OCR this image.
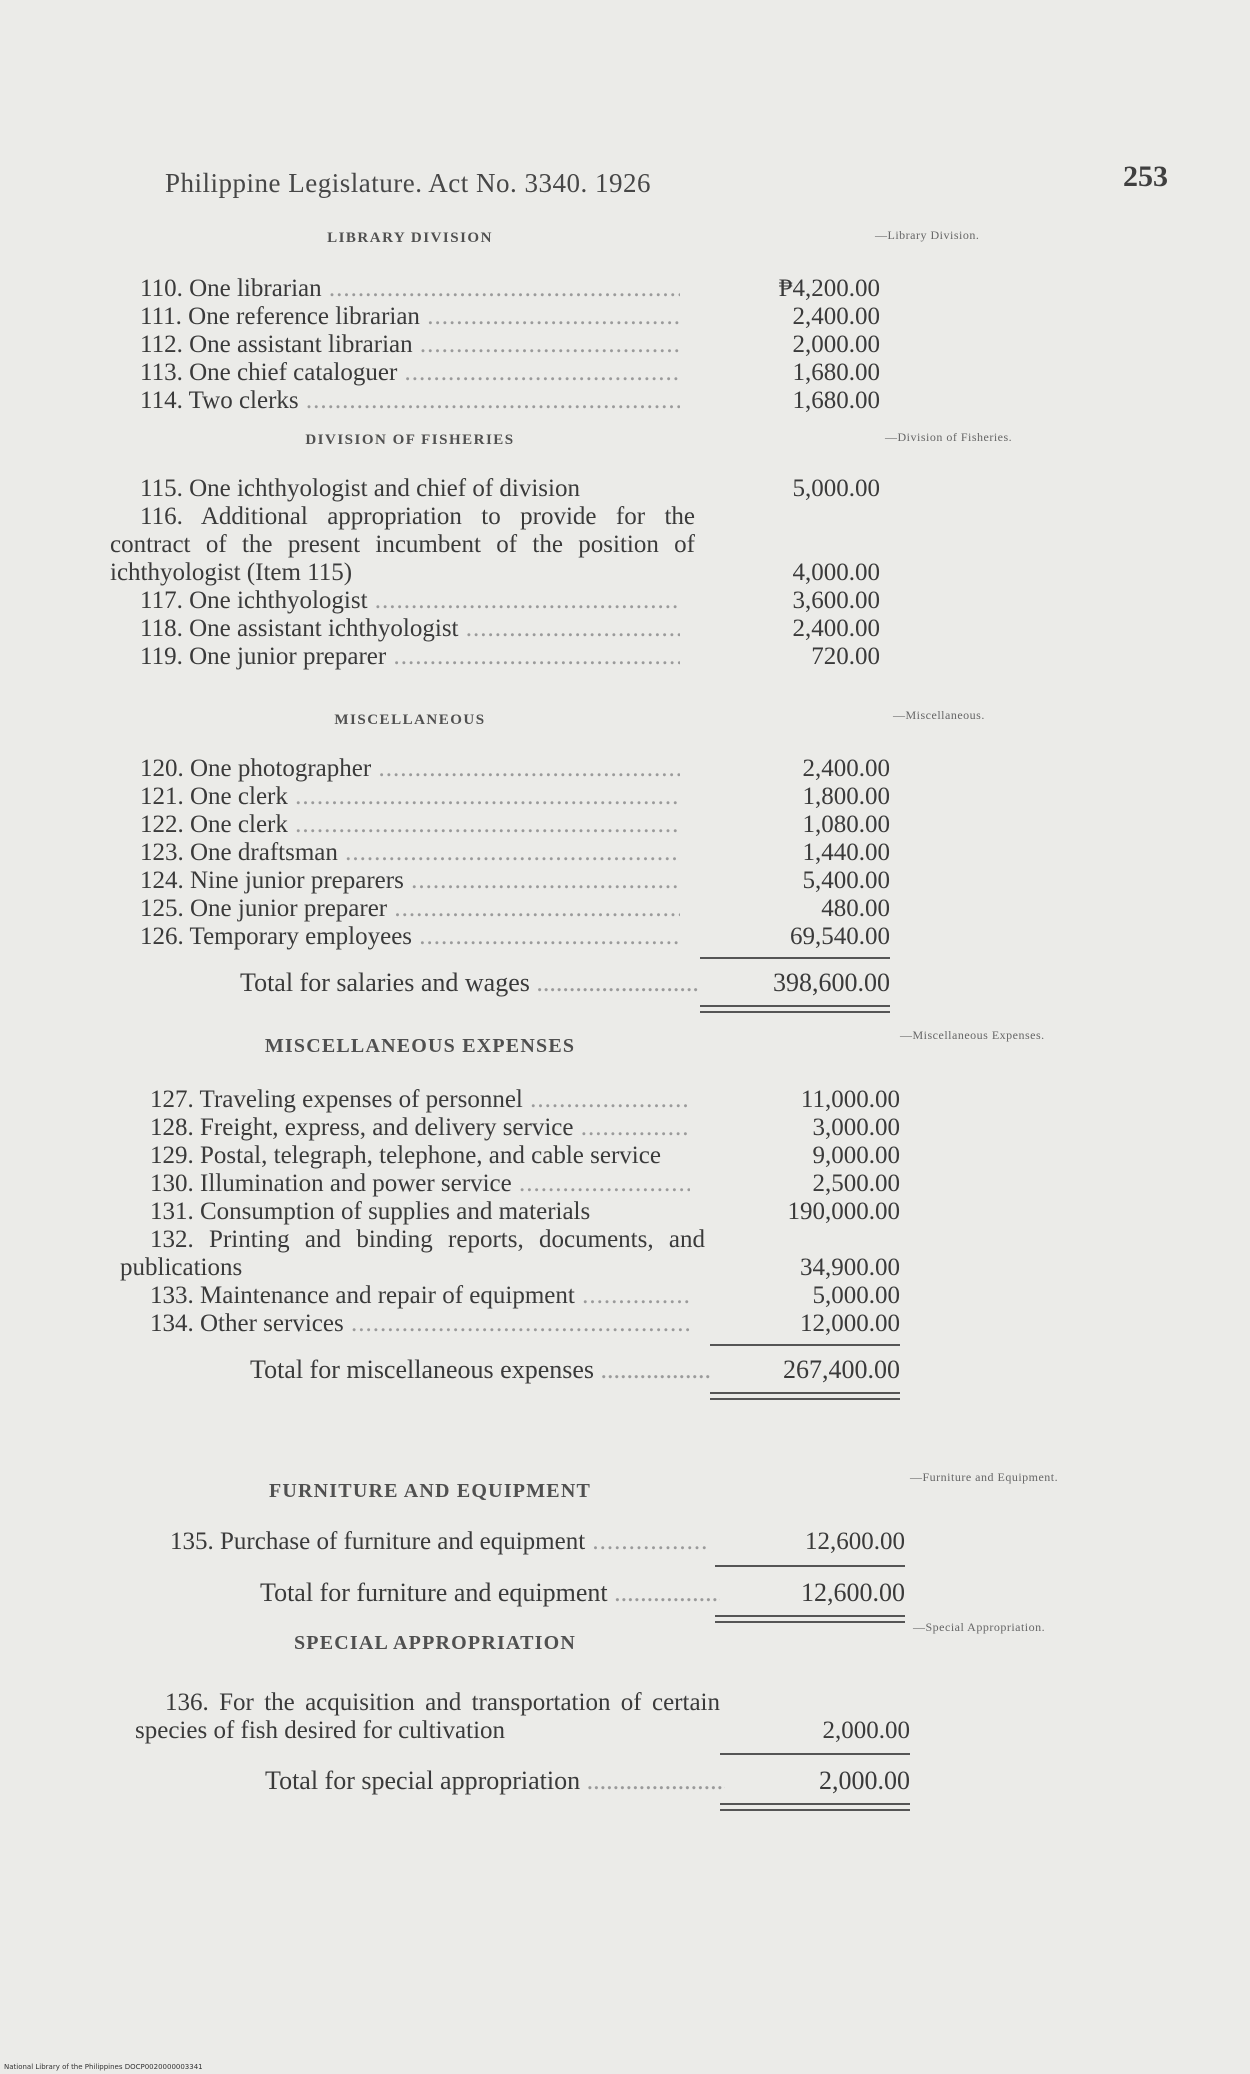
Philippine Legislature. Act No. 3340. 1926	253
—Library Division.
—Division of Fisheries.
—Miscellaneous.
—Miscellaneous Expenses.
—Furniture and Equipment.
—Special Appropriation.
LIBRARY DIVISION
110. One librarian .....	₱4,200.00
111. One reference librarian .....	2,400.00
112. One assistant librarian .....	2,000.00
113. One chief cataloguer .....	1,680.00
114. Two clerks .....	1,680.00
DIVISION OF FISHERIES
115. One ichthyologist and chief of division	5,000.00
116. Additional appropriation to provide for the contract of the present incumbent of the position of ichthyologist (Item 115)	4,000.00
117. One ichthyologist .....	3,600.00
118. One assistant ichthyologist .....	2,400.00
119. One junior preparer .....	720.00
MISCELLANEOUS
120. One photographer .....	2,400.00
121. One clerk .....	1,800.00
122. One clerk .....	1,080.00
123. One draftsman .....	1,440.00
124. Nine junior preparers .....	5,400.00
125. One junior preparer .....	480.00
126. Temporary employees .....	69,540.00
Total for salaries and wages .....	398,600.00
MISCELLANEOUS EXPENSES
127. Traveling expenses of personnel .....	11,000.00
128. Freight, express, and delivery service .....	3,000.00
129. Postal, telegraph, telephone, and cable service	9,000.00
130. Illumination and power service .....	2,500.00
131. Consumption of supplies and materials	190,000.00
132. Printing and binding reports, documents, and publications	34,900.00
133. Maintenance and repair of equipment .....	5,000.00
134. Other services .....	12,000.00
Total for miscellaneous expenses .....	267,400.00
FURNITURE AND EQUIPMENT
135. Purchase of furniture and equipment .....	12,600.00
Total for furniture and equipment .....	12,600.00
SPECIAL APPROPRIATION
136. For the acquisition and transportation of certain species of fish desired for cultivation	2,000.00
Total for special appropriation .....	2,000.00
National Library of the Philippines DOCP0020000003341
